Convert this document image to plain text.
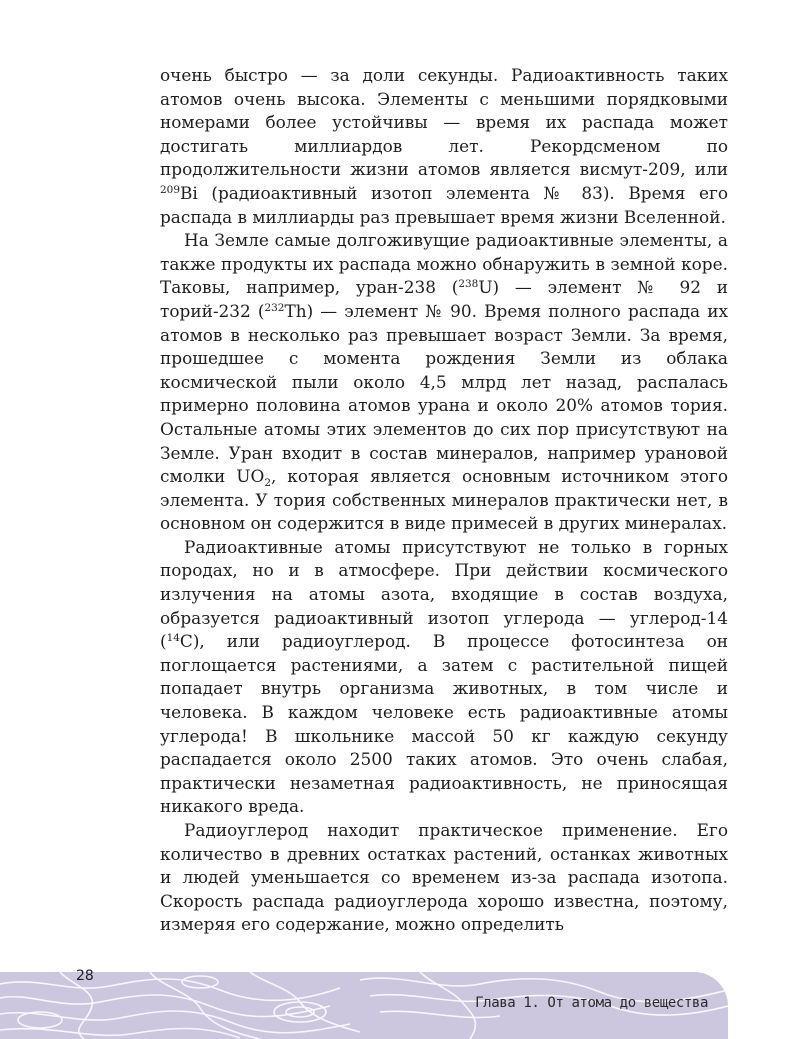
28
Глава 1. От атома до вещества

очень быстро — за доли секунды. Радиоактивность таких атомов очень высока. Элементы с меньшими порядковыми номерами более устойчивы — время их распада может достигать миллиардов лет. Рекордсменом по продолжительности жизни атомов является висмут-209, или $^{209}$Bi (радиоактивный изотоп элемента № 83). Время его распада в миллиарды раз превышает время жизни Вселенной.

На Земле самые долгоживущие радиоактивные элементы, а также продукты их распада можно обнаружить в земной коре. Таковы, например, уран-238 ($^{238}$U) — элемент № 92 и торий-232 ($^{232}$Th) — элемент № 90. Время полного распада их атомов в несколько раз превышает возраст Земли. За время, прошедшее с момента рождения Земли из облака космической пыли около 4,5 млрд лет назад, распалась примерно половина атомов урана и около 20% атомов тория. Остальные атомы этих элементов до сих пор присутствуют на Земле. Уран входит в состав минералов, например урановой смолки $UO_2$, которая является основным источником этого элемента. У тория собственных минералов практически нет, в основном он содержится в виде примесей в других минералах.

Радиоактивные атомы присутствуют не только в горных породах, но и в атмосфере. При действии космического излучения на атомы азота, входящие в состав воздуха, образуется радиоактивный изотоп углерода — углерод-14 ($^{14}$C), или радиоуглерод. В процессе фотосинтеза он поглощается растениями, а затем с растительной пищей попадает внутрь организма животных, в том числе и человека. В каждом человеке есть радиоактивные атомы углерода! В школьнике массой 50 кг каждую секунду распадается около 2500 таких атомов. Это очень слабая, практически незаметная радиоактивность, не приносящая никакого вреда.

Радиоуглерод находит практическое применение. Его количество в древних остатках растений, останках животных и людей уменьшается со временем из-за распада изотопа. Скорость распада радиоуглерода хорошо известна, поэтому, измеряя его содержание, можно определить
